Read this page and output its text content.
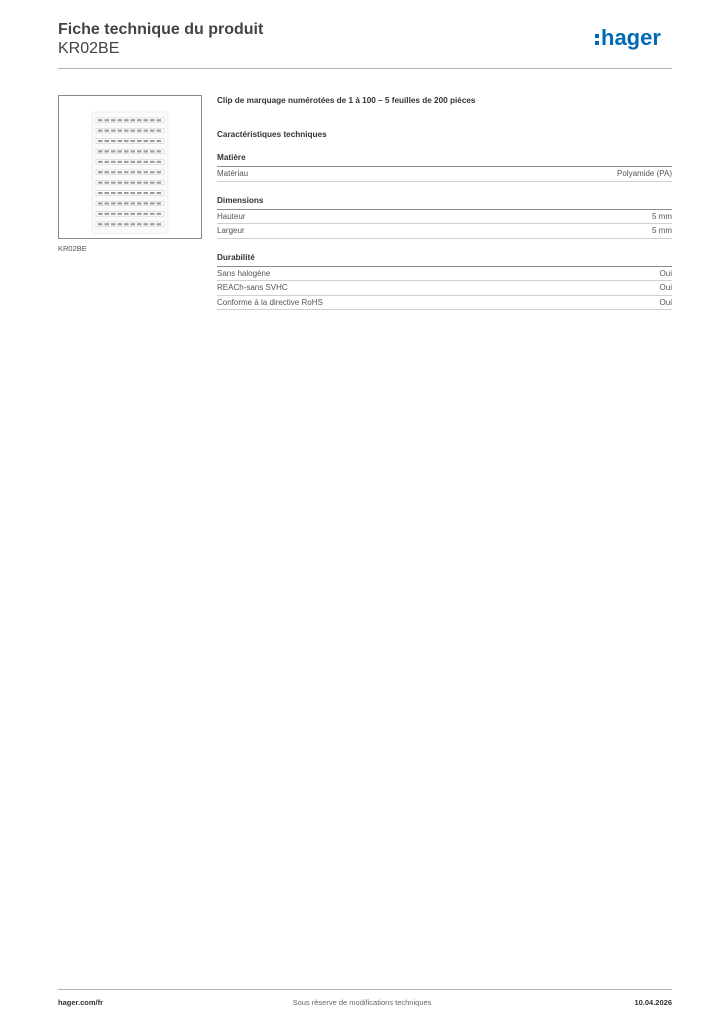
Fiche technique du produit
KR02BE	hager
KR02BE
Clip de marquage numérotées de 1 à 100 – 5 feuilles de 200 pièces
Caractéristiques techniques
Matière
Matériau	Polyamide (PA)
Dimensions
Hauteur	5 mm
Largeur	5 mm
Durabilité
Sans halogène	Oui
REACh-sans SVHC	Oui
Conforme à la directive RoHS	Oui
hager.com/fr	Sous réserve de modifications techniques	10.04.2026
